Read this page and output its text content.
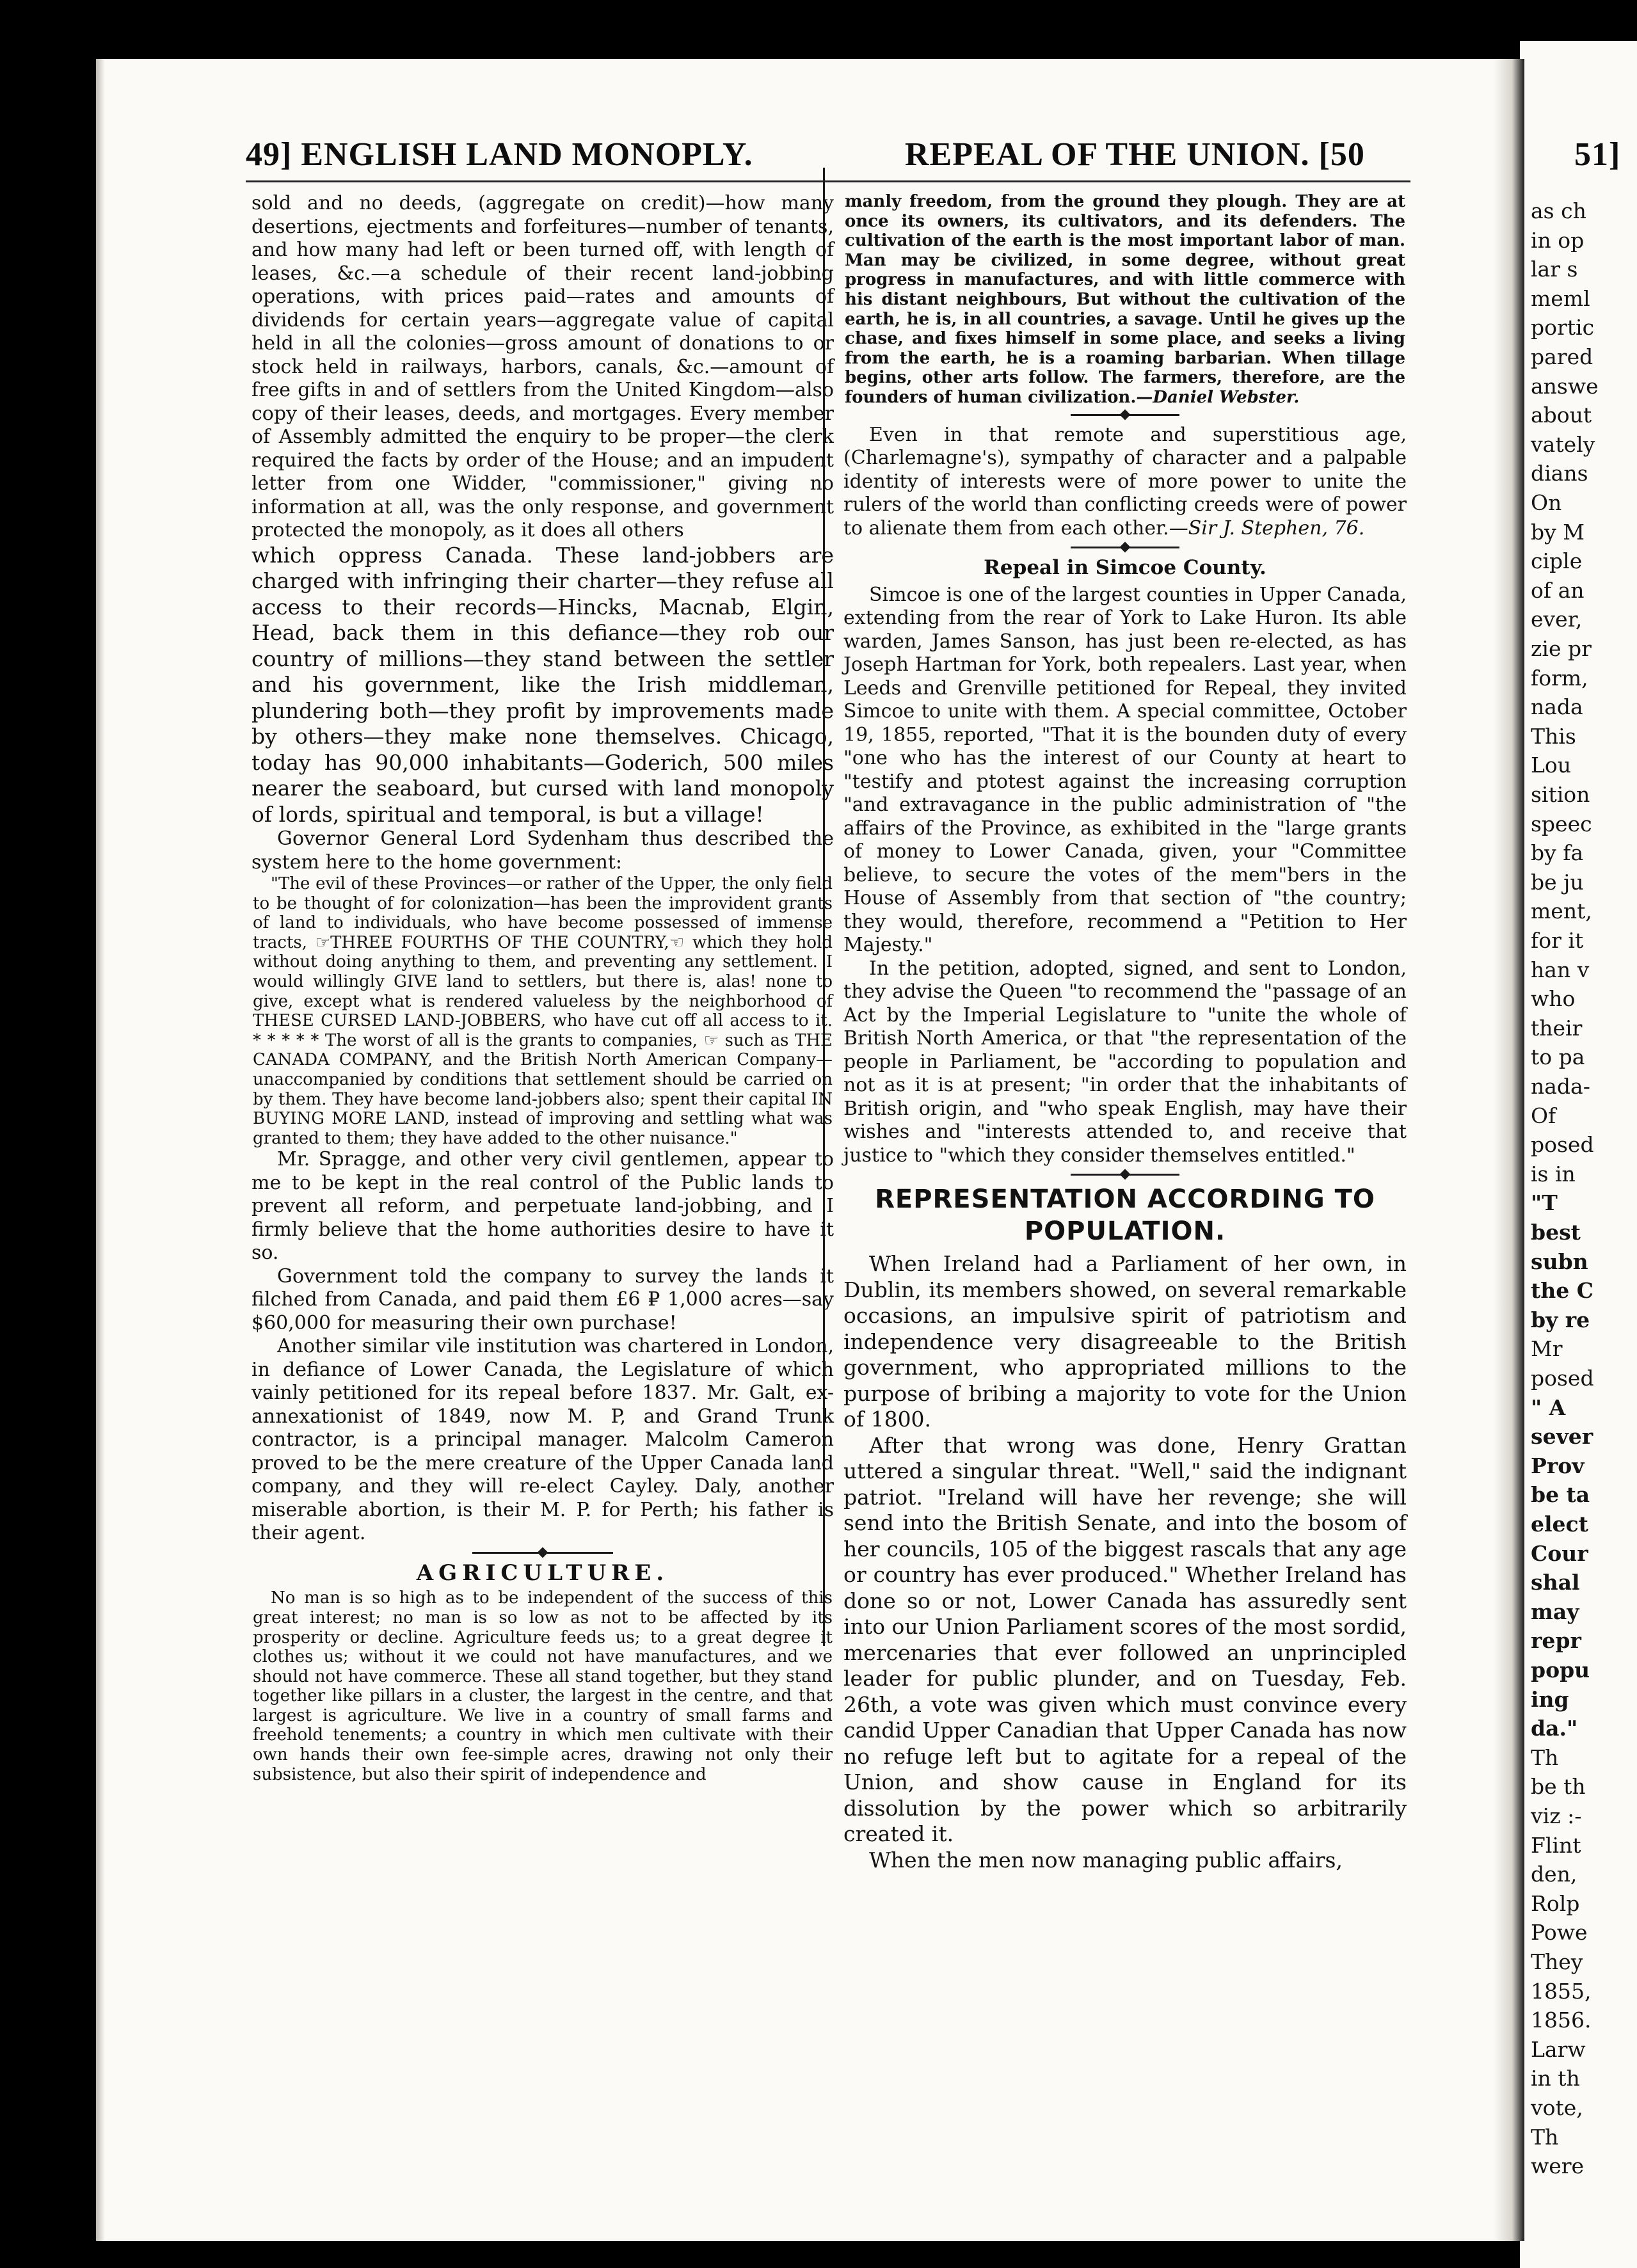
49] ENGLISH LAND MONOPLY.	REPEAL OF THE UNION. [50	51]

sold and no deeds, (aggregate on credit)—how many desertions, ejectments and forfeitures—number of tenants, and how many had left or been turned off, with length of leases, &c.—a schedule of their recent land-jobbing operations, with prices paid—rates and amounts of dividends for certain years—aggregate value of capital held in all the colonies—gross amount of donations to or stock held in railways, harbors, canals, &c.—amount of free gifts in and of settlers from the United Kingdom—also copy of their leases, deeds, and mortgages. Every member of Assembly admitted the enquiry to be proper—the clerk required the facts by order of the House; and an impudent letter from one Widder, "commissioner," giving no information at all, was the only response, and government protected the monopoly, as it does all others

which oppress Canada. These land-jobbers are charged with infringing their charter—they refuse all access to their records—Hincks, Macnab, Elgin, Head, back them in this defiance—they rob our country of millions—they stand between the settler and his government, like the Irish middleman, plundering both—they profit by improvements made by others—they make none themselves. Chicago, today has 90,000 inhabitants—Goderich, 500 miles nearer the seaboard, but cursed with land monopoly of lords, spiritual and temporal, is but a village!

Governor General Lord Sydenham thus described the system here to the home government:

"The evil of these Provinces—or rather of the Upper, the only field to be thought of for colonization—has been the improvident grants of land to individuals, who have become possessed of immense tracts, ☞THREE FOURTHS OF THE COUNTRY,☜ which they hold without doing anything to them, and preventing any settlement. I would willingly GIVE land to settlers, but there is, alas! none to give, except what is rendered valueless by the neighborhood of THESE CURSED LAND-JOBBERS, who have cut off all access to it. * * * * * The worst of all is the grants to companies, ☞ such as THE CANADA COMPANY, and the British North American Company—unaccompanied by conditions that settlement should be carried on by them. They have become land-jobbers also; spent their capital IN BUYING MORE LAND, instead of improving and settling what was granted to them; they have added to the other nuisance."

Mr. Spragge, and other very civil gentlemen, appear to me to be kept in the real control of the Public lands to prevent all reform, and perpetuate land-jobbing, and I firmly believe that the home authorities desire to have it so.

Government told the company to survey the lands it filched from Canada, and paid them £6 ₽ 1,000 acres—say $60,000 for measuring their own purchase!

Another similar vile institution was chartered in London, in defiance of Lower Canada, the Legislature of which vainly petitioned for its repeal before 1837. Mr. Galt, ex-annexationist of 1849, now M. P, and Grand Trunk contractor, is a principal manager. Malcolm Cameron proved to be the mere creature of the Upper Canada land company, and they will re-elect Cayley. Daly, another miserable abortion, is their M. P. for Perth; his father is their agent.

AGRICULTURE.

No man is so high as to be independent of the success of this great interest; no man is so low as not to be affected by its prosperity or decline. Agriculture feeds us; to a great degree it clothes us; without it we could not have manufactures, and we should not have commerce. These all stand together, but they stand together like pillars in a cluster, the largest in the centre, and that largest is agriculture. We live in a country of small farms and freehold tenements; a country in which men cultivate with their own hands their own fee-simple acres, drawing not only their subsistence, but also their spirit of independence and

manly freedom, from the ground they plough. They are at once its owners, its cultivators, and its defenders. The cultivation of the earth is the most important labor of man. Man may be civilized, in some degree, without great progress in manufactures, and with little commerce with his distant neighbours, But without the cultivation of the earth, he is, in all countries, a savage. Until he gives up the chase, and fixes himself in some place, and seeks a living from the earth, he is a roaming barbarian. When tillage begins, other arts follow. The farmers, therefore, are the founders of human civilization.—Daniel Webster.

Even in that remote and superstitious age, (Charlemagne's), sympathy of character and a palpable identity of interests were of more power to unite the rulers of the world than conflicting creeds were of power to alienate them from each other.—Sir J. Stephen, 76.

Repeal in Simcoe County.

Simcoe is one of the largest counties in Upper Canada, extending from the rear of York to Lake Huron. Its able warden, James Sanson, has just been re-elected, as has Joseph Hartman for York, both repealers. Last year, when Leeds and Grenville petitioned for Repeal, they invited Simcoe to unite with them. A special committee, October 19, 1855, reported, "That it is the bounden duty of every "one who has the interest of our County at heart to "testify and ptotest against the increasing corruption "and extravagance in the public administration of "the affairs of the Province, as exhibited in the "large grants of money to Lower Canada, given, your "Committee believe, to secure the votes of the mem"bers in the House of Assembly from that section of "the country; they would, therefore, recommend a "Petition to Her Majesty."

In the petition, adopted, signed, and sent to London, they advise the Queen "to recommend the "passage of an Act by the Imperial Legislature to "unite the whole of British North America, or that "the representation of the people in Parliament, be "according to population and not as it is at present; "in order that the inhabitants of British origin, and "who speak English, may have their wishes and "interests attended to, and receive that justice to "which they consider themselves entitled."

REPRESENTATION ACCORDING TO POPULATION.

When Ireland had a Parliament of her own, in Dublin, its members showed, on several remarkable occasions, an impulsive spirit of patriotism and independence very disagreeable to the British government, who appropriated millions to the purpose of bribing a majority to vote for the Union of 1800.

After that wrong was done, Henry Grattan uttered a singular threat. "Well," said the indignant patriot. "Ireland will have her revenge; she will send into the British Senate, and into the bosom of her councils, 105 of the biggest rascals that any age or country has ever produced." Whether Ireland has done so or not, Lower Canada has assuredly sent into our Union Parliament scores of the most sordid, mercenaries that ever followed an unprincipled leader for public plunder, and on Tuesday, Feb. 26th, a vote was given which must convince every candid Upper Canadian that Upper Canada has now no refuge left but to agitate for a repeal of the Union, and show cause in England for its dissolution by the power which so arbitrarily created it.

When the men now managing public affairs,

as ch
in op
lar s
meml
portic
pared
answe
about
vately
dians
On
by M
ciple
of an
ever,
zie pr
form,
nada
This
Lou
sition
speec
by fa
be ju
ment,
for it
han v
who
their
to pa
nada-
Of
posed
is in
"T
best
subn
the C
by re
Mr
posed
" A
sever
Prov
be ta
elect
Cour
shal
may
repr
popu
ing
da."
Th
be th
viz :-
Flint
den,
Rolp
Powe
They
1855,
1856.
Larw
in th
vote,
Th
were
